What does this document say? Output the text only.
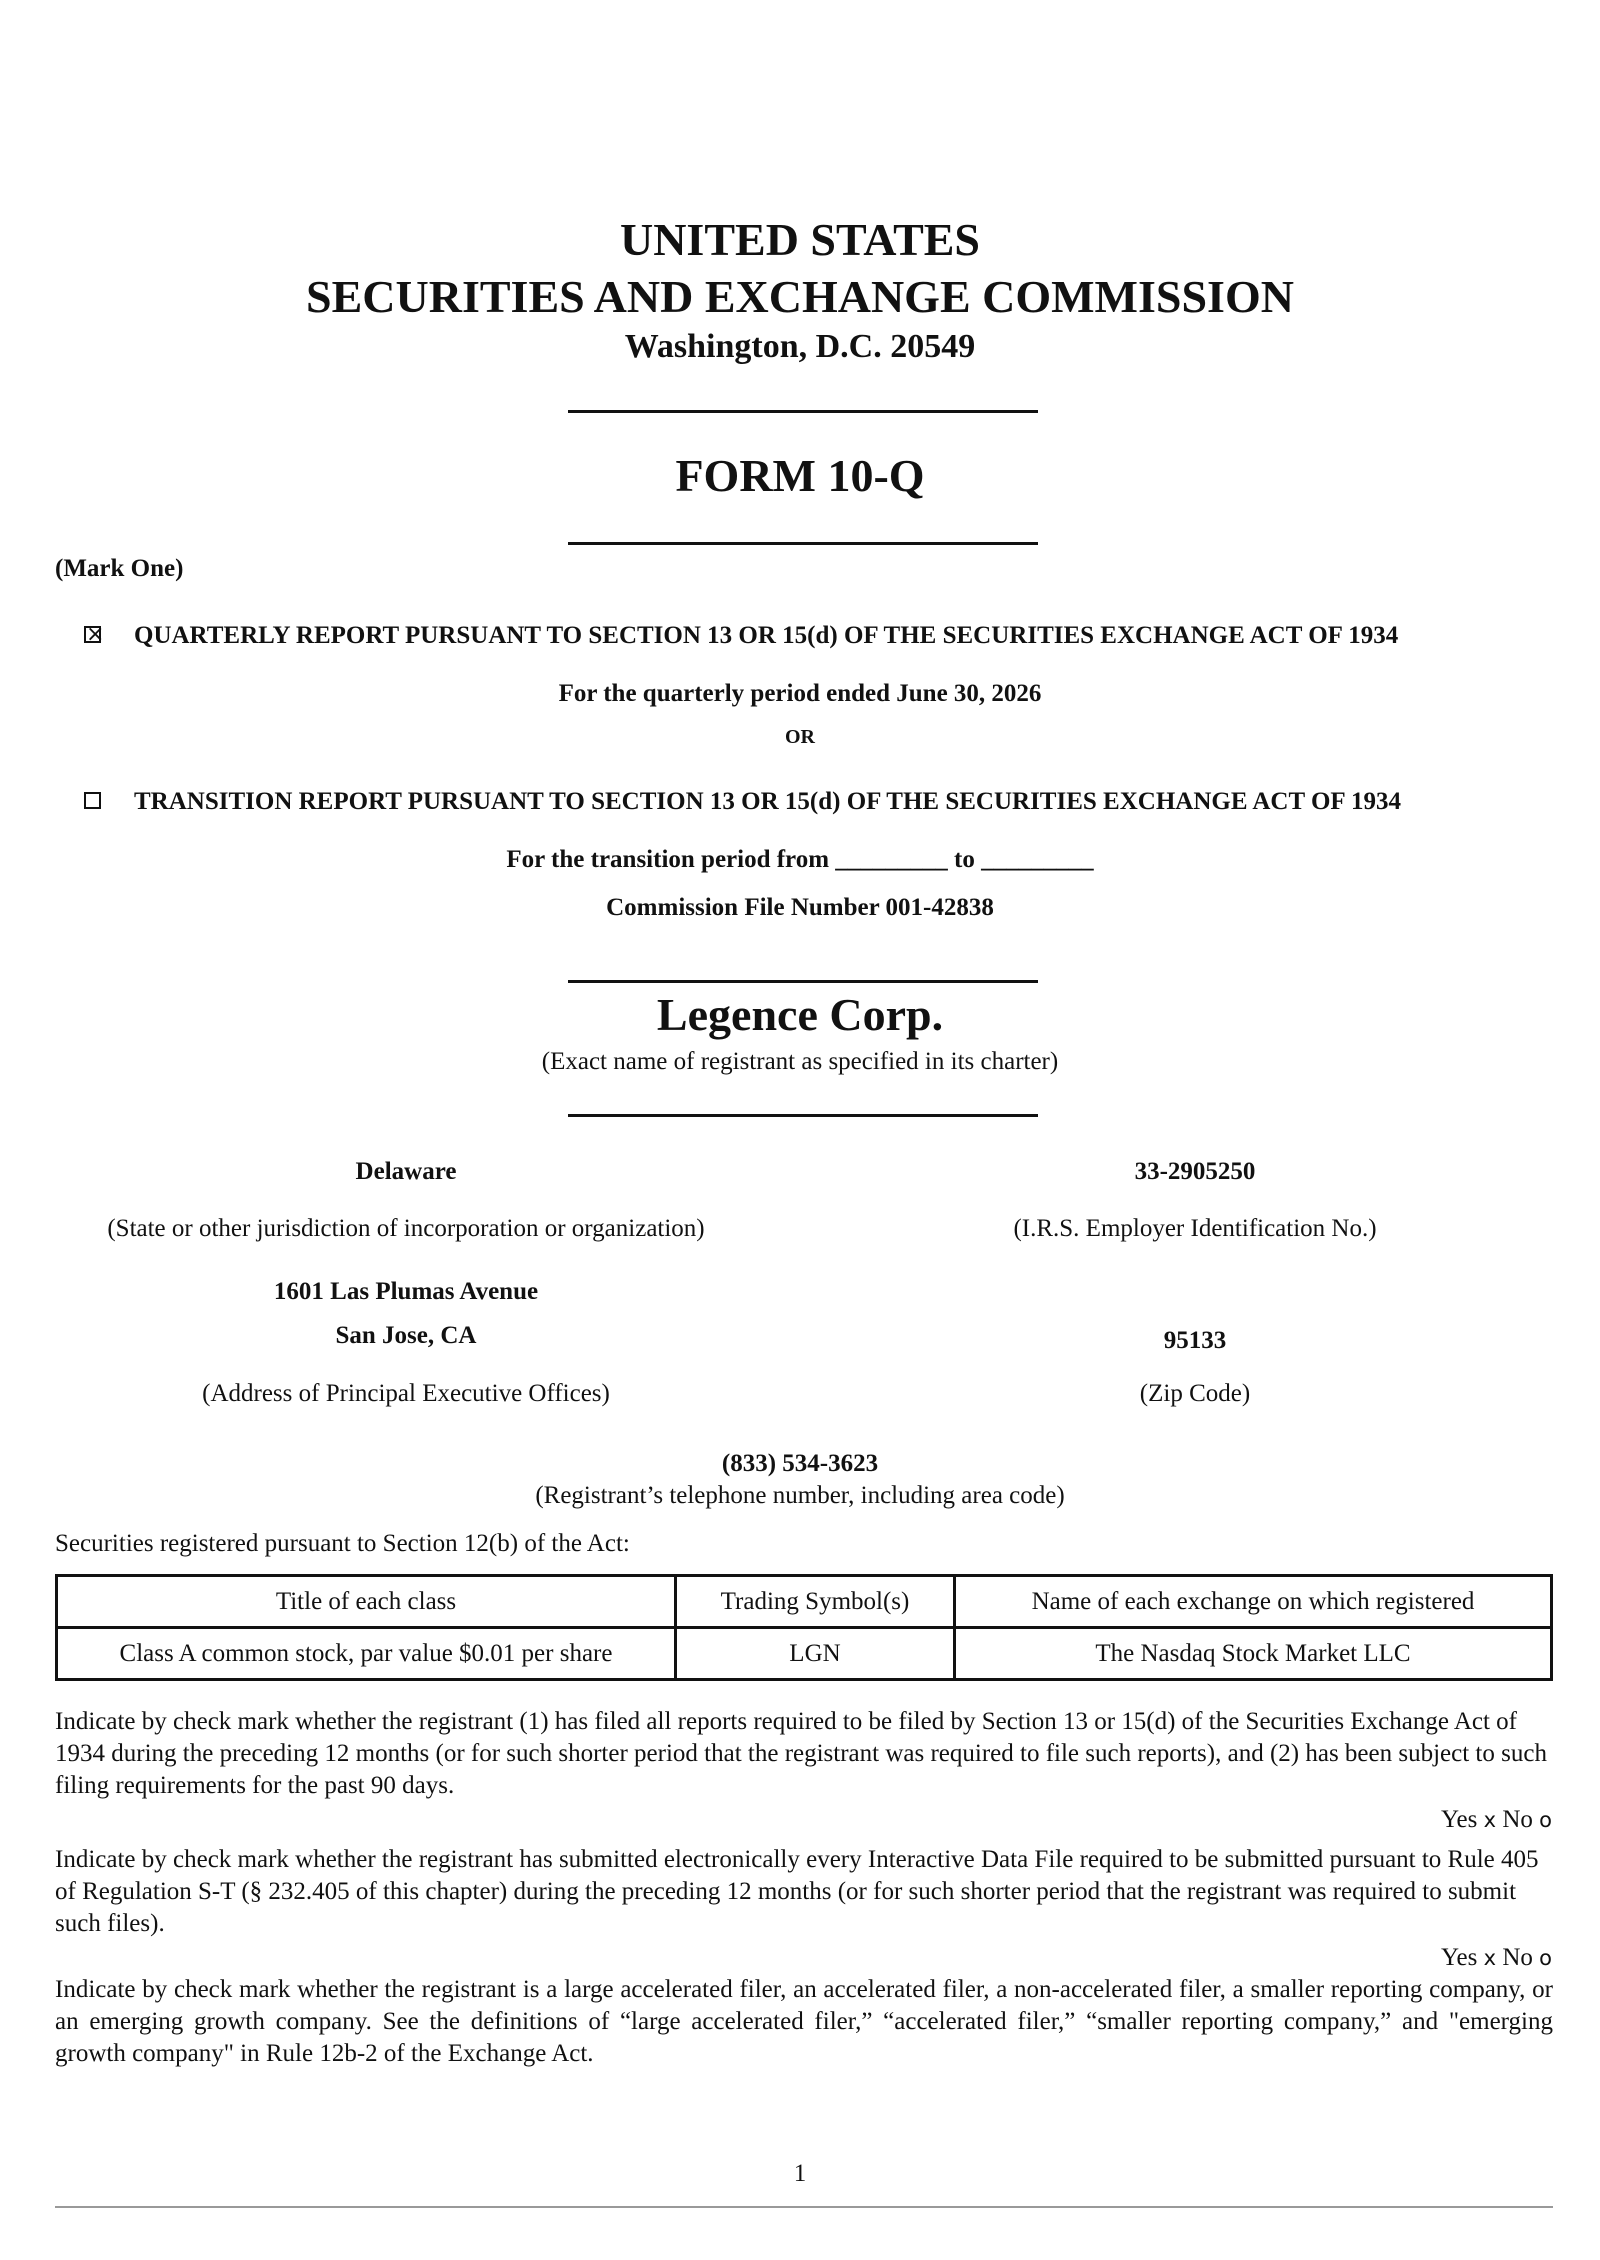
UNITED STATES
SECURITIES AND EXCHANGE COMMISSION
Washington, D.C. 20549
FORM 10-Q
(Mark One)
× QUARTERLY REPORT PURSUANT TO SECTION 13 OR 15(d) OF THE SECURITIES EXCHANGE ACT OF 1934
For the quarterly period ended June 30, 2026
OR
TRANSITION REPORT PURSUANT TO SECTION 13 OR 15(d) OF THE SECURITIES EXCHANGE ACT OF 1934
For the transition period from _________ to _________
Commission File Number 001-42838
Legence Corp.
(Exact name of registrant as specified in its charter)
Delaware	33-2905250
(State or other jurisdiction of incorporation or organization)	(I.R.S. Employer Identification No.)
1601 Las Plumas Avenue
San Jose, CA	95133
(Address of Principal Executive Offices)	(Zip Code)
(833) 534-3623
(Registrant’s telephone number, including area code)
Securities registered pursuant to Section 12(b) of the Act:
Title of each class	Trading Symbol(s)	Name of each exchange on which registered
Class A common stock, par value $0.01 per share	LGN	The Nasdaq Stock Market LLC
Indicate by check mark whether the registrant (1) has filed all reports required to be filed by Section 13 or 15(d) of the Securities Exchange Act of 1934 during the preceding 12 months (or for such shorter period that the registrant was required to file such reports), and (2) has been subject to such filing requirements for the past 90 days.
Yes x No o
Indicate by check mark whether the registrant has submitted electronically every Interactive Data File required to be submitted pursuant to Rule 405 of Regulation S-T (§ 232.405 of this chapter) during the preceding 12 months (or for such shorter period that the registrant was required to submit such files).
Yes x No o
Indicate by check mark whether the registrant is a large accelerated filer, an accelerated filer, a non-accelerated filer, a smaller reporting company, or an emerging growth company. See the definitions of “large accelerated filer,” “accelerated filer,” “smaller reporting company,” and "emerging growth company" in Rule 12b-2 of the Exchange Act.
1
